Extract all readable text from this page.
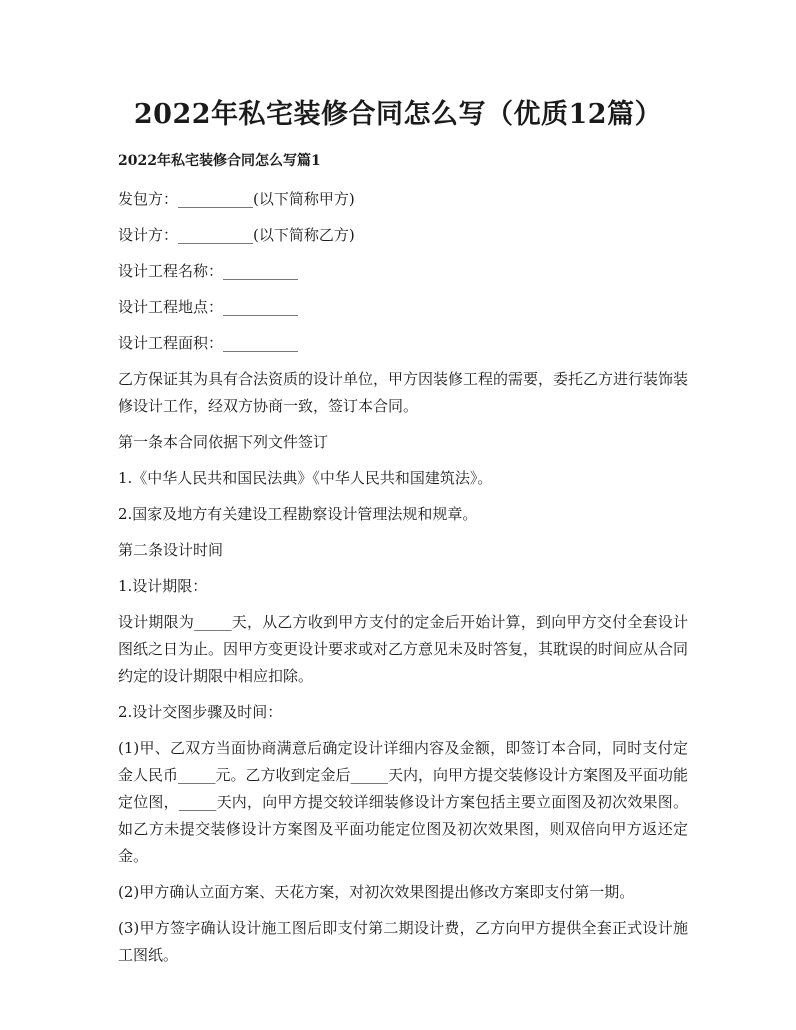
2022年私宅装修合同怎么写（优质12篇）
2022年私宅装修合同怎么写篇1

发包方：__________(以下简称甲方)

设计方：__________(以下简称乙方)

设计工程名称：__________

设计工程地点：__________

设计工程面积：__________

乙方保证其为具有合法资质的设计单位，甲方因装修工程的需要，委托乙方进行装饰装修设计工作，经双方协商一致，签订本合同。

第一条本合同依据下列文件签订

1.《中华人民共和国民法典》《中华人民共和国建筑法》。

2.国家及地方有关建设工程勘察设计管理法规和规章。

第二条设计时间

1.设计期限：

设计期限为_____天，从乙方收到甲方支付的定金后开始计算，到向甲方交付全套设计图纸之日为止。因甲方变更设计要求或对乙方意见未及时答复，其耽误的时间应从合同约定的设计期限中相应扣除。

2.设计交图步骤及时间：

(1)甲、乙双方当面协商满意后确定设计详细内容及金额，即签订本合同，同时支付定金人民币_____元。乙方收到定金后_____天内，向甲方提交装修设计方案图及平面功能定位图，_____天内，向甲方提交较详细装修设计方案包括主要立面图及初次效果图。如乙方未提交装修设计方案图及平面功能定位图及初次效果图，则双倍向甲方返还定金。

(2)甲方确认立面方案、天花方案，对初次效果图提出修改方案即支付第一期。

(3)甲方签字确认设计施工图后即支付第二期设计费，乙方向甲方提供全套正式设计施工图纸。
